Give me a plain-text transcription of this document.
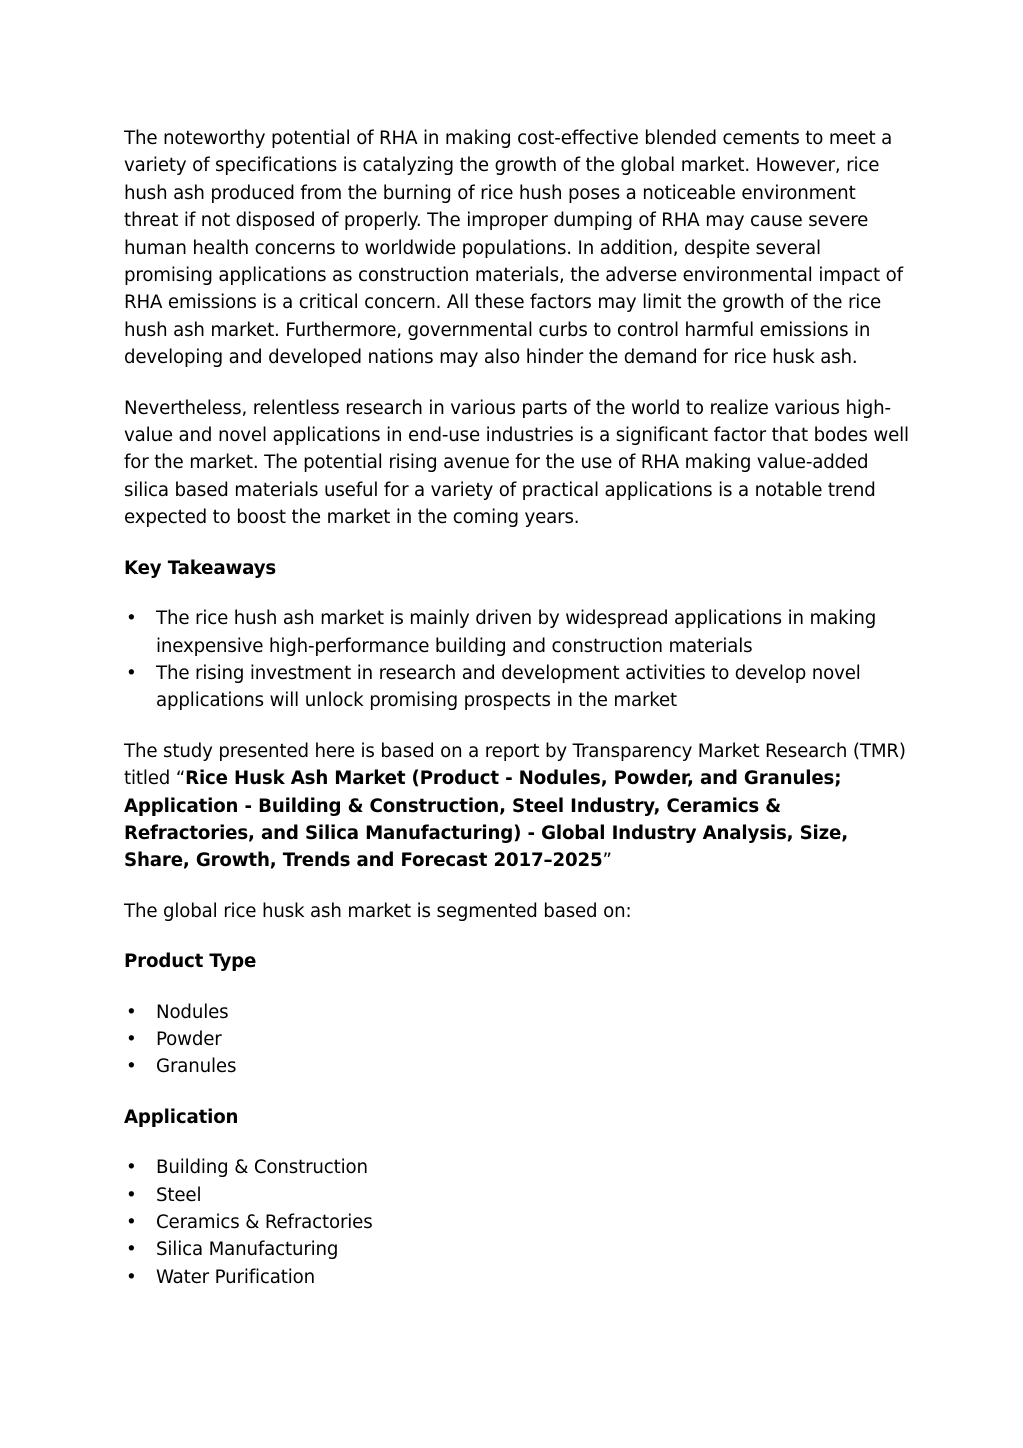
The noteworthy potential of RHA in making cost-effective blended cements to meet a variety of specifications is catalyzing the growth of the global market. However, rice hush ash produced from the burning of rice hush poses a noticeable environment threat if not disposed of properly. The improper dumping of RHA may cause severe human health concerns to worldwide populations. In addition, despite several promising applications as construction materials, the adverse environmental impact of RHA emissions is a critical concern. All these factors may limit the growth of the rice hush ash market. Furthermore, governmental curbs to control harmful emissions in developing and developed nations may also hinder the demand for rice husk ash.

Nevertheless, relentless research in various parts of the world to realize various high-value and novel applications in end-use industries is a significant factor that bodes well for the market. The potential rising avenue for the use of RHA making value-added silica based materials useful for a variety of practical applications is a notable trend expected to boost the market in the coming years.

Key Takeaways

• The rice hush ash market is mainly driven by widespread applications in making inexpensive high-performance building and construction materials
• The rising investment in research and development activities to develop novel applications will unlock promising prospects in the market

The study presented here is based on a report by Transparency Market Research (TMR) titled “Rice Husk Ash Market (Product - Nodules, Powder, and Granules; Application - Building & Construction, Steel Industry, Ceramics & Refractories, and Silica Manufacturing) - Global Industry Analysis, Size, Share, Growth, Trends and Forecast 2017–2025”

The global rice husk ash market is segmented based on:

Product Type

• Nodules
• Powder
• Granules

Application

• Building & Construction
• Steel
• Ceramics & Refractories
• Silica Manufacturing
• Water Purification
